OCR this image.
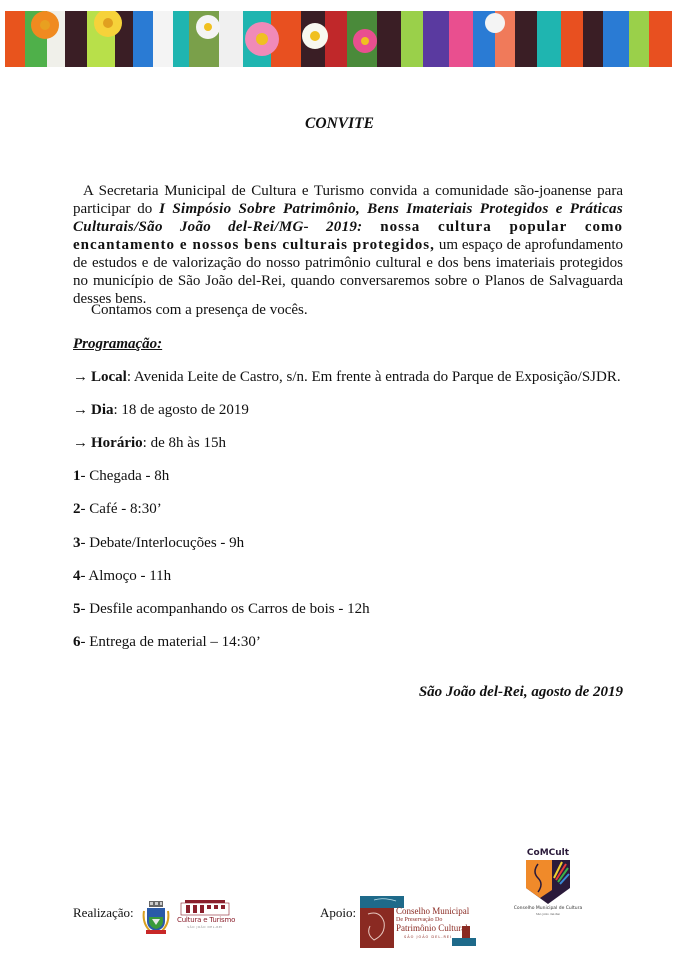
CONVITE

A Secretaria Municipal de Cultura e Turismo convida a comunidade são-joanense para participar do I Simpósio Sobre Patrimônio, Bens Imateriais Protegidos e Práticas Culturais/São João del-Rei/MG- 2019: nossa cultura popular como encantamento e nossos bens culturais protegidos, um espaço de aprofundamento de estudos e de valorização do nosso patrimônio cultural e dos bens imateriais protegidos no município de São João del-Rei, quando conversaremos sobre o Planos de Salvaguarda desses bens.

Contamos com a presença de vocês.
Programação:
→ Local: Avenida Leite de Castro, s/n. Em frente à entrada do Parque de Exposição/SJDR.
→ Dia: 18 de agosto de 2019
→ Horário: de 8h às 15h
1- Chegada - 8h
2- Café - 8:30’
3- Debate/Interlocuções - 9h
4- Almoço - 11h
5- Desfile acompanhando os Carros de bois - 12h
6- Entrega de material – 14:30’
São João del-Rei, agosto de 2019
Realização:	Cultura e Turismo
SÃO JOÃO DEL-REI
Apoio:	Conselho Municipal
De Preservação Do
Patrimônio Cultural
SÃO JOÃO DEL-REI
CoMCult
Conselho Municipal de Cultura
São João del-Rei
